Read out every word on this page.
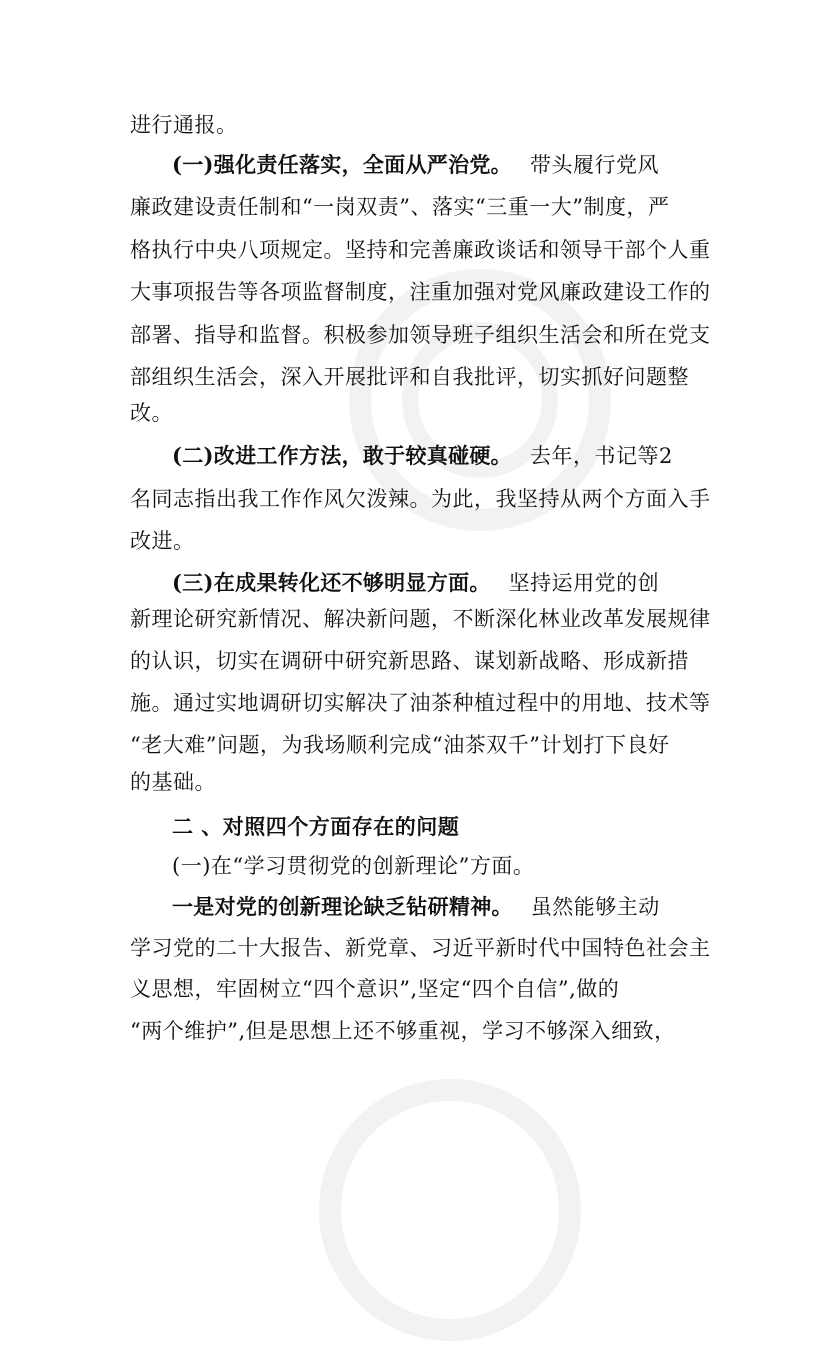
进行通报。
(一)强化责任落实，全面从严治党。 带头履行党风
廉政建设责任制和“一岗双责”、落实“三重一大”制度，严
格执行中央八项规定。坚持和完善廉政谈话和领导干部个人重
大事项报告等各项监督制度，注重加强对党风廉政建设工作的
部署、指导和监督。积极参加领导班子组织生活会和所在党支
部组织生活会，深入开展批评和自我批评，切实抓好问题整
改。
(二)改进工作方法，敢于较真碰硬。 去年，书记等2
名同志指出我工作作风欠泼辣。为此，我坚持从两个方面入手
改进。
(三)在成果转化还不够明显方面。 坚持运用党的创
新理论研究新情况、解决新问题，不断深化林业改革发展规律
的认识，切实在调研中研究新思路、谋划新战略、形成新措
施。通过实地调研切实解决了油茶种植过程中的用地、技术等
“老大难”问题，为我场顺利完成“油茶双千”计划打下良好
的基础。
二 、对照四个方面存在的问题
(一)在“学习贯彻党的创新理论”方面。
一是对党的创新理论缺乏钻研精神。 虽然能够主动
学习党的二十大报告、新党章、习近平新时代中国特色社会主
义思想，牢固树立“四个意识”,坚定“四个自信”,做的
“两个维护”,但是思想上还不够重视，学习不够深入细致，
